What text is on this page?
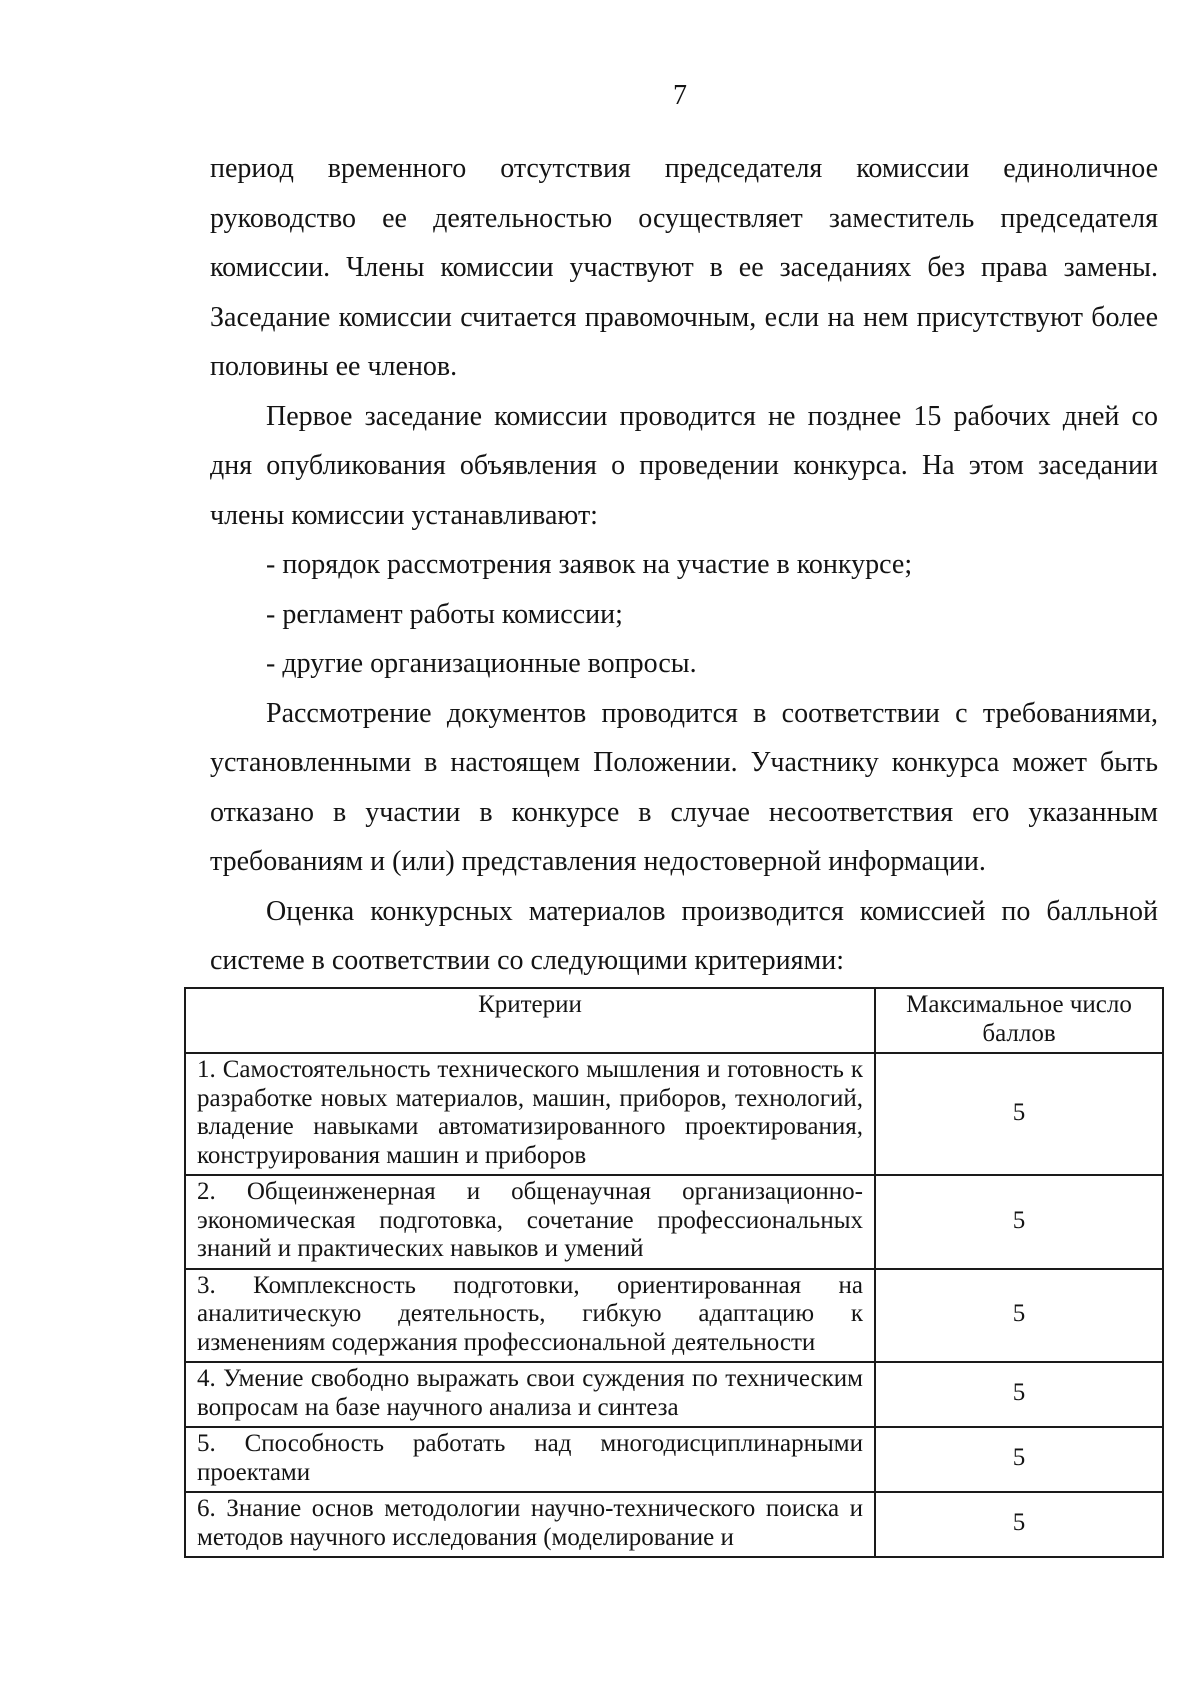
7

период временного отсутствия председателя комиссии единоличное руководство ее деятельностью осуществляет заместитель председателя комиссии. Члены комиссии участвуют в ее заседаниях без права замены. Заседание комиссии считается правомочным, если на нем присутствуют более половины ее членов.

Первое заседание комиссии проводится не позднее 15 рабочих дней со дня опубликования объявления о проведении конкурса. На этом заседании члены комиссии устанавливают:

- порядок рассмотрения заявок на участие в конкурсе;

- регламент работы комиссии;

- другие организационные вопросы.

Рассмотрение документов проводится в соответствии с требованиями, установленными в настоящем Положении. Участнику конкурса может быть отказано в участии в конкурсе в случае несоответствия его указанным требованиям и (или) представления недостоверной информации.

Оценка конкурсных материалов производится комиссией по балльной системе в соответствии со следующими критериями:

Критерии	Максимальное число баллов
1. Самостоятельность технического мышления и готовность к разработке новых материалов, машин, приборов, технологий, владение навыками автоматизированного проектирования, конструирования машин и приборов	5
2. Общеинженерная и общенаучная организационно-экономическая подготовка, сочетание профессиональных знаний и практических навыков и умений	5
3. Комплексность подготовки, ориентированная на аналитическую деятельность, гибкую адаптацию к изменениям содержания профессиональной деятельности	5
4. Умение свободно выражать свои суждения по техническим вопросам на базе научного анализа и синтеза	5
5. Способность работать над многодисциплинарными проектами	5
6. Знание основ методологии научно-технического поиска и методов научного исследования (моделирование и	5
